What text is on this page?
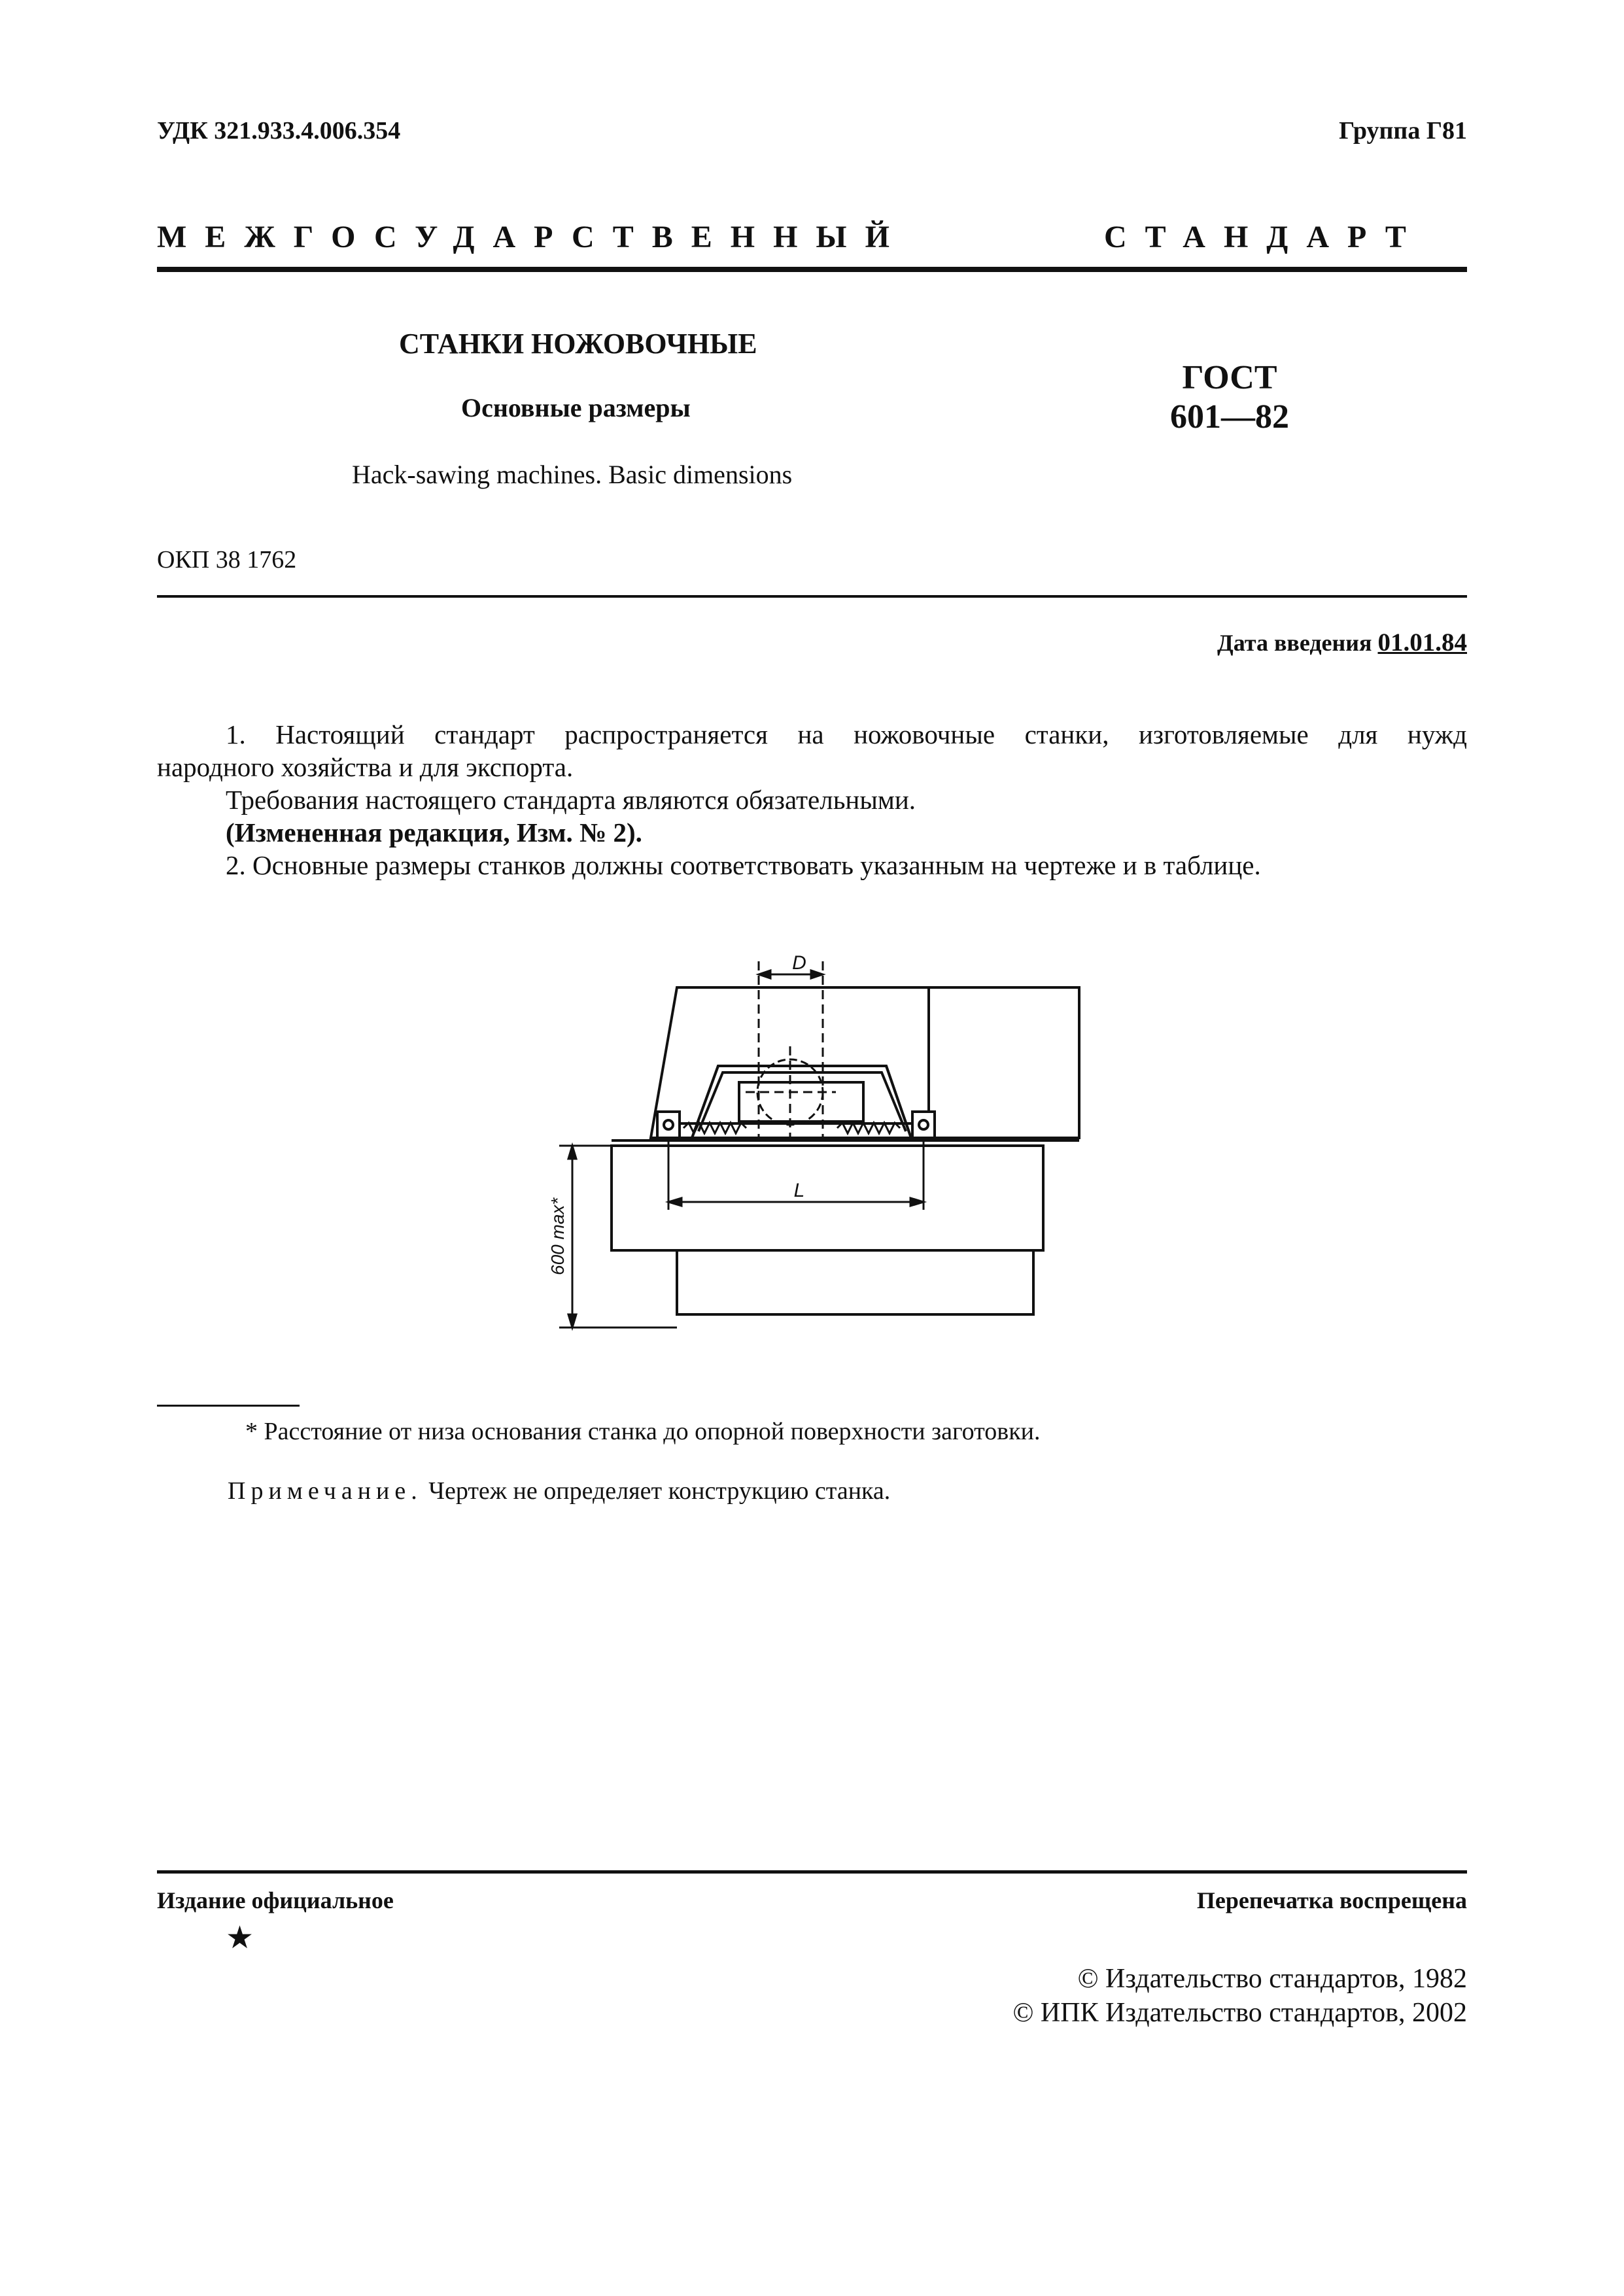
УДК 321.933.4.006.354	Группа Г81
МЕЖГОСУДАРСТВЕННЫЙ	СТАНДАРТ
СТАНКИ НОЖОВОЧНЫЕ
Основные размеры
Hack-sawing machines. Basic dimensions
ГОСТ
601—82
ОКП 38 1762
Дата введения 01.01.84
1. Настоящий стандарт распространяется на ножовочные станки, изготовляемые для нужд
народного хозяйства и для экспорта.
Требования настоящего стандарта являются обязательными.
(Измененная редакция, Изм. № 2).
2. Основные размеры станков должны соответствовать указанным на чертеже и в таблице.
D
L
600 max*
* Расстояние от низа основания станка до опорной поверхности заготовки.
Примечание. Чертеж не определяет конструкцию станка.
Издание официальное	Перепечатка воспрещена
★
© Издательство стандартов, 1982
© ИПК Издательство стандартов, 2002
